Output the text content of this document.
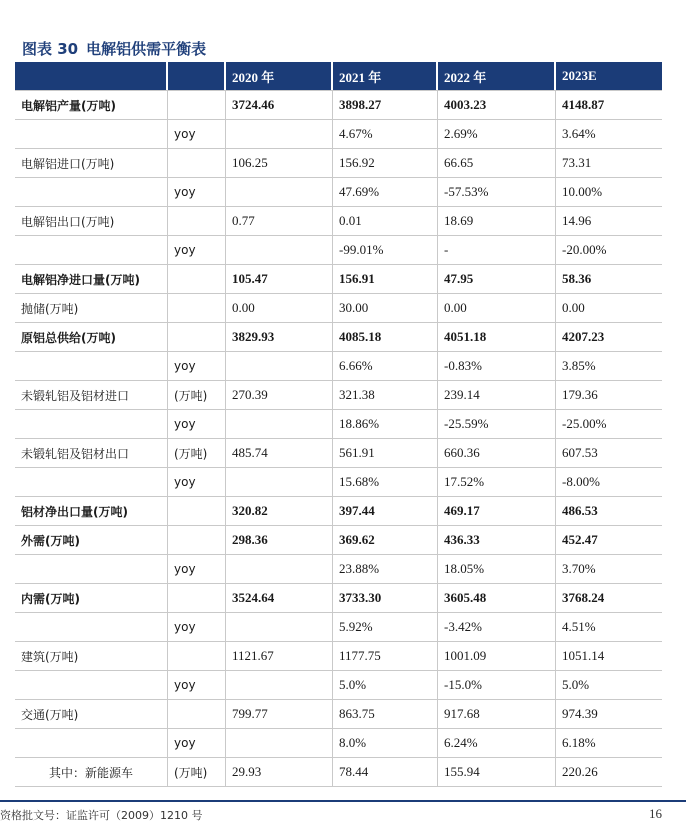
图表 30 电解铝供需平衡表
		2020 年	2021 年	2022 年	2023E
电解铝产量(万吨)		3724.46	3898.27	4003.23	4148.87
	yoy		4.67%	2.69%	3.64%
电解铝进口(万吨)		106.25	156.92	66.65	73.31
	yoy		47.69%	-57.53%	10.00%
电解铝出口(万吨)		0.77	0.01	18.69	14.96
	yoy		-99.01%	-	-20.00%
电解铝净进口量(万吨)		105.47	156.91	47.95	58.36
抛储(万吨)		0.00	30.00	0.00	0.00
原铝总供给(万吨)		3829.93	4085.18	4051.18	4207.23
	yoy		6.66%	-0.83%	3.85%
未锻轧铝及铝材进口	(万吨)	270.39	321.38	239.14	179.36
	yoy		18.86%	-25.59%	-25.00%
未锻轧铝及铝材出口	(万吨)	485.74	561.91	660.36	607.53
	yoy		15.68%	17.52%	-8.00%
铝材净出口量(万吨)		320.82	397.44	469.17	486.53
外需(万吨)		298.36	369.62	436.33	452.47
	yoy		23.88%	18.05%	3.70%
内需(万吨)		3524.64	3733.30	3605.48	3768.24
	yoy		5.92%	-3.42%	4.51%
建筑(万吨)		1121.67	1177.75	1001.09	1051.14
	yoy		5.0%	-15.0%	5.0%
交通(万吨)		799.77	863.75	917.68	974.39
	yoy		8.0%	6.24%	6.18%
其中：新能源车	(万吨)	29.93	78.44	155.94	220.26
资格批文号：证监许可（2009）1210 号	16
